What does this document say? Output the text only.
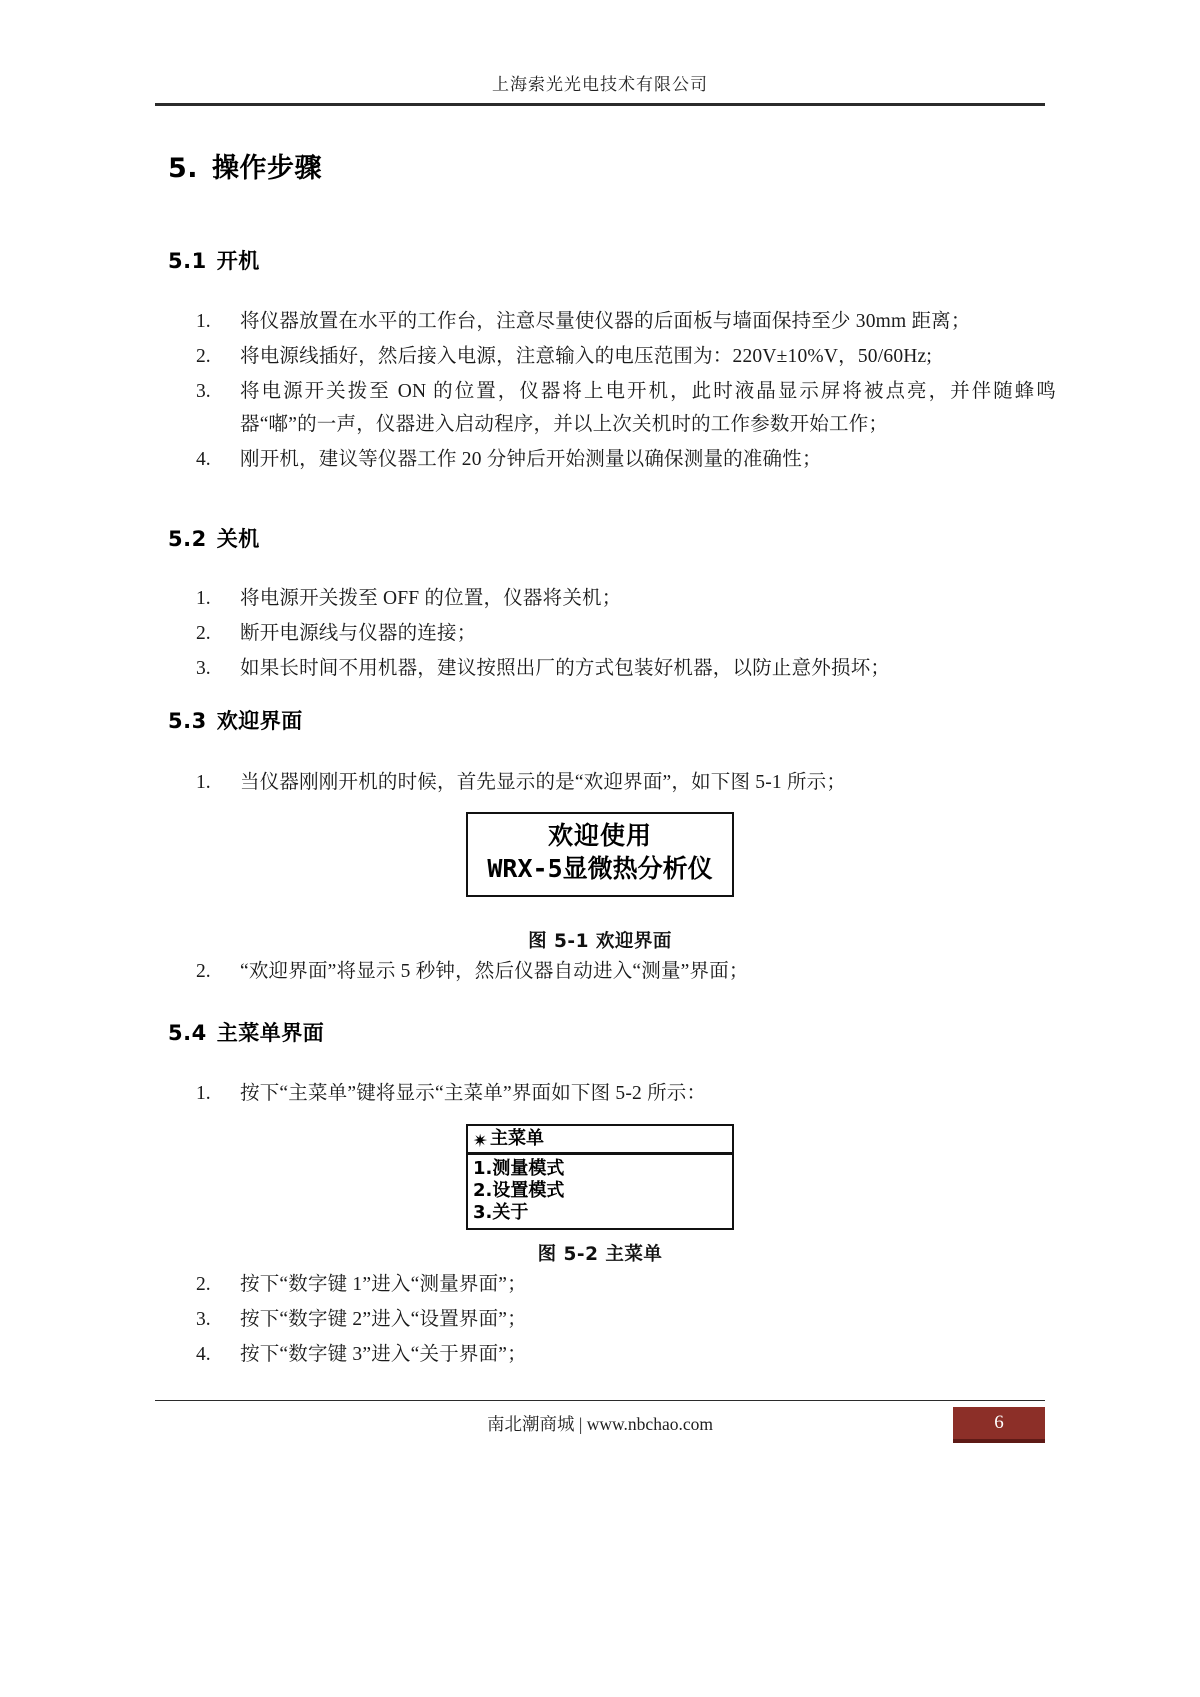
上海索光光电技术有限公司
5. 操作步骤
5.1 开机
1.	将仪器放置在水平的工作台，注意尽量使仪器的后面板与墙面保持至少 30mm 距离；
2.	将电源线插好，然后接入电源，注意输入的电压范围为：220V±10%V，50/60Hz;
3.	将电源开关拨至 ON 的位置，仪器将上电开机，此时液晶显示屏将被点亮，并伴随蜂鸣器“嘟”的一声，仪器进入启动程序，并以上次关机时的工作参数开始工作；
4.	刚开机，建议等仪器工作 20 分钟后开始测量以确保测量的准确性；
5.2 关机
1.	将电源开关拨至 OFF 的位置，仪器将关机；
2.	断开电源线与仪器的连接；
3.	如果长时间不用机器，建议按照出厂的方式包装好机器，以防止意外损坏；
5.3 欢迎界面
1.	当仪器刚刚开机的时候，首先显示的是“欢迎界面”，如下图 5-1 所示；
欢迎使用
WRX-5显微热分析仪
图 5-1 欢迎界面
2.	“欢迎界面”将显示 5 秒钟，然后仪器自动进入“测量”界面；
5.4 主菜单界面
1.	按下“主菜单”键将显示“主菜单”界面如下图 5-2 所示：
主菜单
1.测量模式
2.设置模式
3.关于
图 5-2 主菜单
2.	按下“数字键 1”进入“测量界面”；
3.	按下“数字键 2”进入“设置界面”；
4.	按下“数字键 3”进入“关于界面”；
南北潮商城 | www.nbchao.com	6
